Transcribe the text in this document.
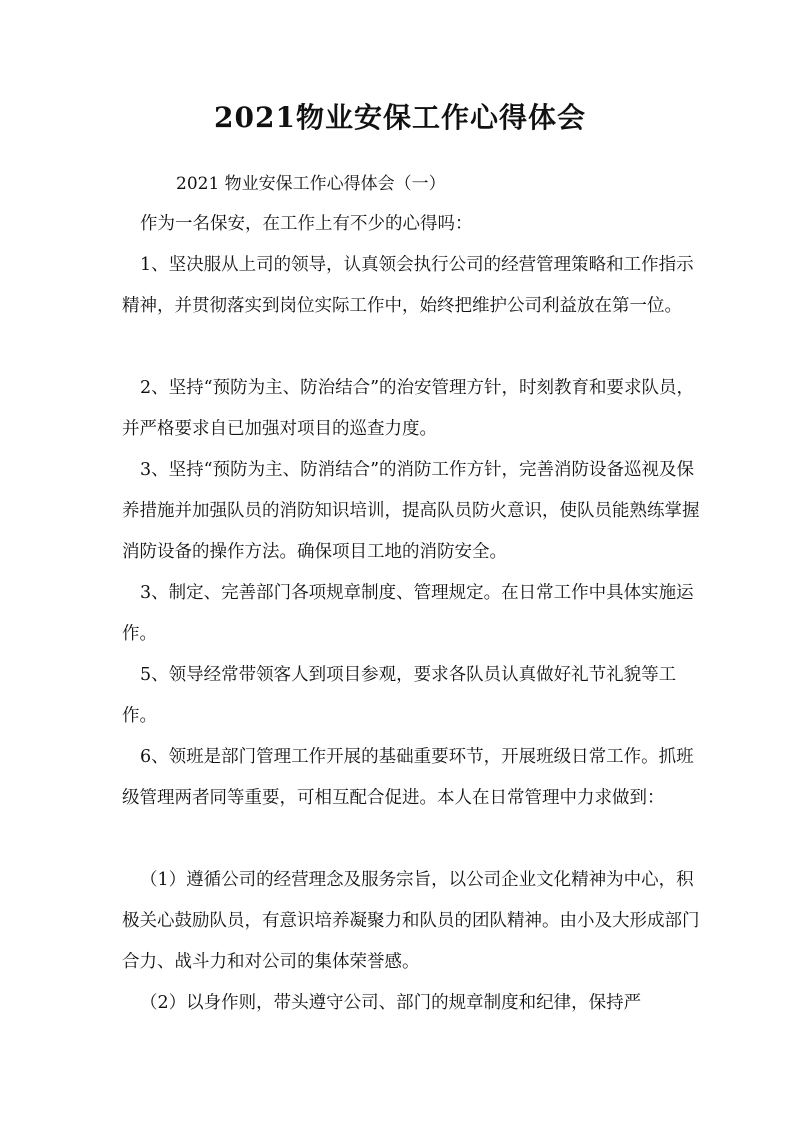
2021物业安保工作心得体会
2021 物业安保工作心得体会（一）
作为一名保安，在工作上有不少的心得吗：
1、坚决服从上司的领导，认真领会执行公司的经营管理策略和工作指示精神，并贯彻落实到岗位实际工作中，始终把维护公司利益放在第一位。
2、坚持“预防为主、防治结合”的治安管理方针，时刻教育和要求队员，并严格要求自已加强对项目的巡查力度。
3、坚持“预防为主、防消结合”的消防工作方针，完善消防设备巡视及保养措施并加强队员的消防知识培训，提高队员防火意识，使队员能熟练掌握消防设备的操作方法。确保项目工地的消防安全。
3、制定、完善部门各项规章制度、管理规定。在日常工作中具体实施运作。
5、领导经常带领客人到项目参观，要求各队员认真做好礼节礼貌等工作。
6、领班是部门管理工作开展的基础重要环节，开展班级日常工作。抓班级管理两者同等重要，可相互配合促进。本人在日常管理中力求做到：
（1）遵循公司的经营理念及服务宗旨，以公司企业文化精神为中心，积极关心鼓励队员，有意识培养凝聚力和队员的团队精神。由小及大形成部门合力、战斗力和对公司的集体荣誉感。
（2）以身作则，带头遵守公司、部门的规章制度和纪律，保持严
